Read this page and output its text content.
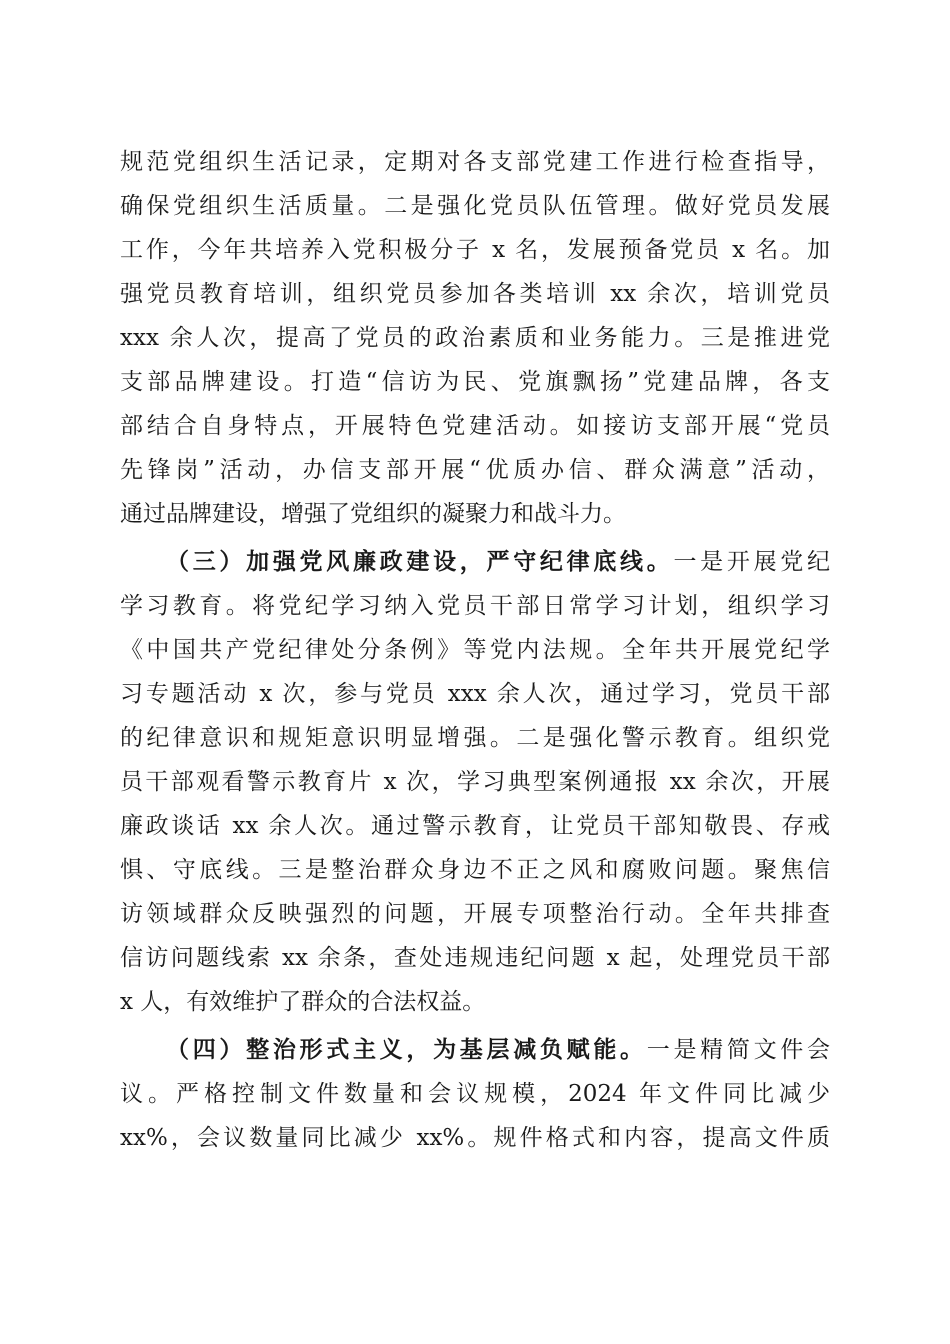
规范党组织生活记录，定期对各支部党建工作进行检查指导，

确保党组织生活质量。二是强化党员队伍管理。做好党员发展

工作，今年共培养入党积极分子 x 名，发展预备党员 x 名。加

强党员教育培训，组织党员参加各类培训 xx 余次，培训党员

xxx 余人次，提高了党员的政治素质和业务能力。三是推进党

支部品牌建设。打造“信访为民、党旗飘扬”党建品牌，各支

部结合自身特点，开展特色党建活动。如接访支部开展“党员

先锋岗”活动，办信支部开展“优质办信、群众满意”活动，

通过品牌建设，增强了党组织的凝聚力和战斗力。

（三）加强党风廉政建设，严守纪律底线。一是开展党纪

学习教育。将党纪学习纳入党员干部日常学习计划，组织学习

《中国共产党纪律处分条例》等党内法规。全年共开展党纪学

习专题活动 x 次，参与党员 xxx 余人次，通过学习，党员干部

的纪律意识和规矩意识明显增强。二是强化警示教育。组织党

员干部观看警示教育片 x 次，学习典型案例通报 xx 余次，开展

廉政谈话 xx 余人次。通过警示教育，让党员干部知敬畏、存戒

惧、守底线。三是整治群众身边不正之风和腐败问题。聚焦信

访领域群众反映强烈的问题，开展专项整治行动。全年共排查

信访问题线索 xx 余条，查处违规违纪问题 x 起，处理党员干部

x 人，有效维护了群众的合法权益。

（四）整治形式主义，为基层减负赋能。一是精简文件会

议。严格控制文件数量和会议规模，2024 年文件同比减少

xx%，会议数量同比减少 xx%。规件格式和内容，提高文件质
